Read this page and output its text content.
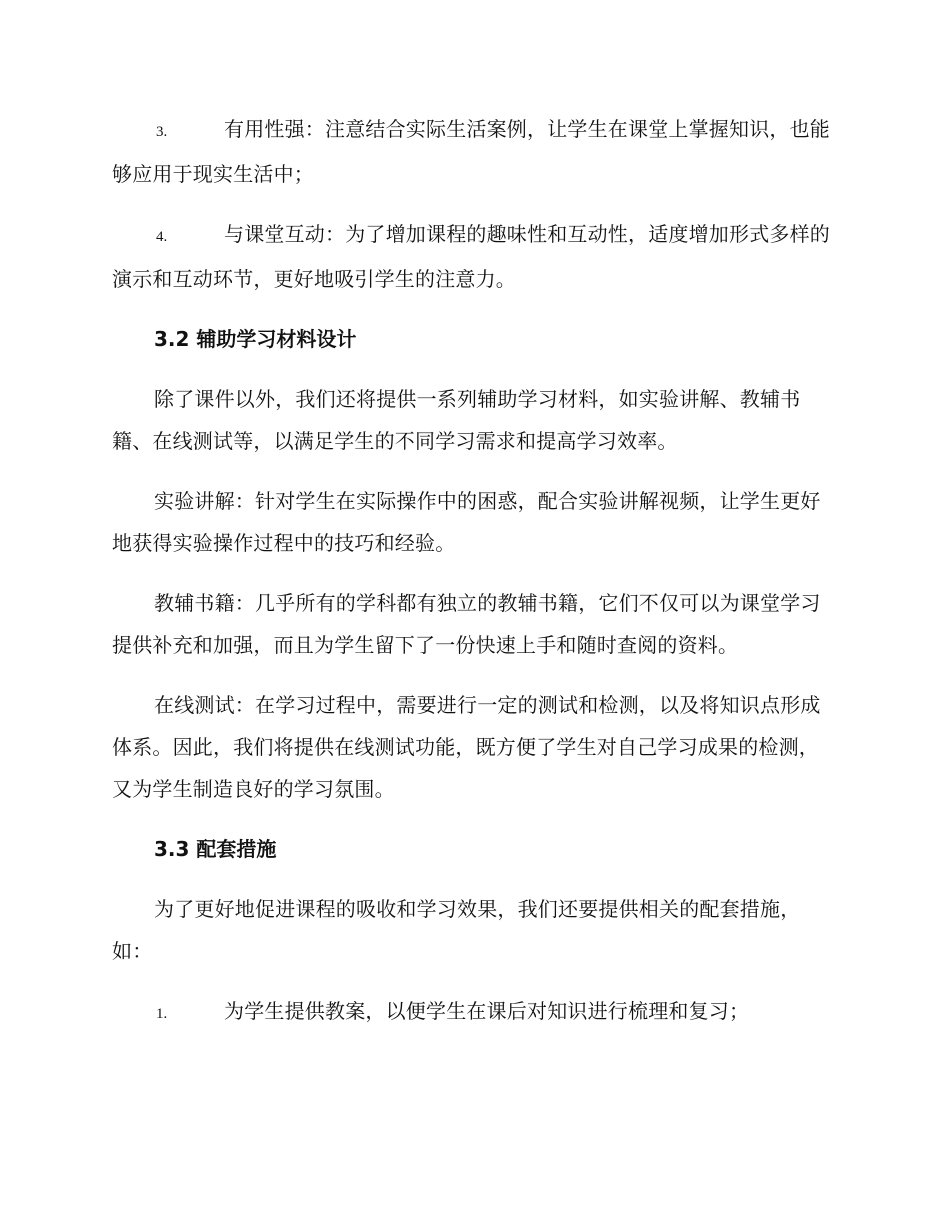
3.	有用性强：注意结合实际生活案例，让学生在课堂上掌握知识，也能够应用于现实生活中；
4.	与课堂互动：为了增加课程的趣味性和互动性，适度增加形式多样的演示和互动环节，更好地吸引学生的注意力。
3.2 辅助学习材料设计

除了课件以外，我们还将提供一系列辅助学习材料，如实验讲解、教辅书籍、在线测试等，以满足学生的不同学习需求和提高学习效率。

实验讲解：针对学生在实际操作中的困惑，配合实验讲解视频，让学生更好地获得实验操作过程中的技巧和经验。

教辅书籍：几乎所有的学科都有独立的教辅书籍，它们不仅可以为课堂学习提供补充和加强，而且为学生留下了一份快速上手和随时查阅的资料。

在线测试：在学习过程中，需要进行一定的测试和检测，以及将知识点形成体系。因此，我们将提供在线测试功能，既方便了学生对自己学习成果的检测，又为学生制造良好的学习氛围。

3.3 配套措施

为了更好地促进课程的吸收和学习效果，我们还要提供相关的配套措施，如：

1.	为学生提供教案，以便学生在课后对知识进行梳理和复习；
